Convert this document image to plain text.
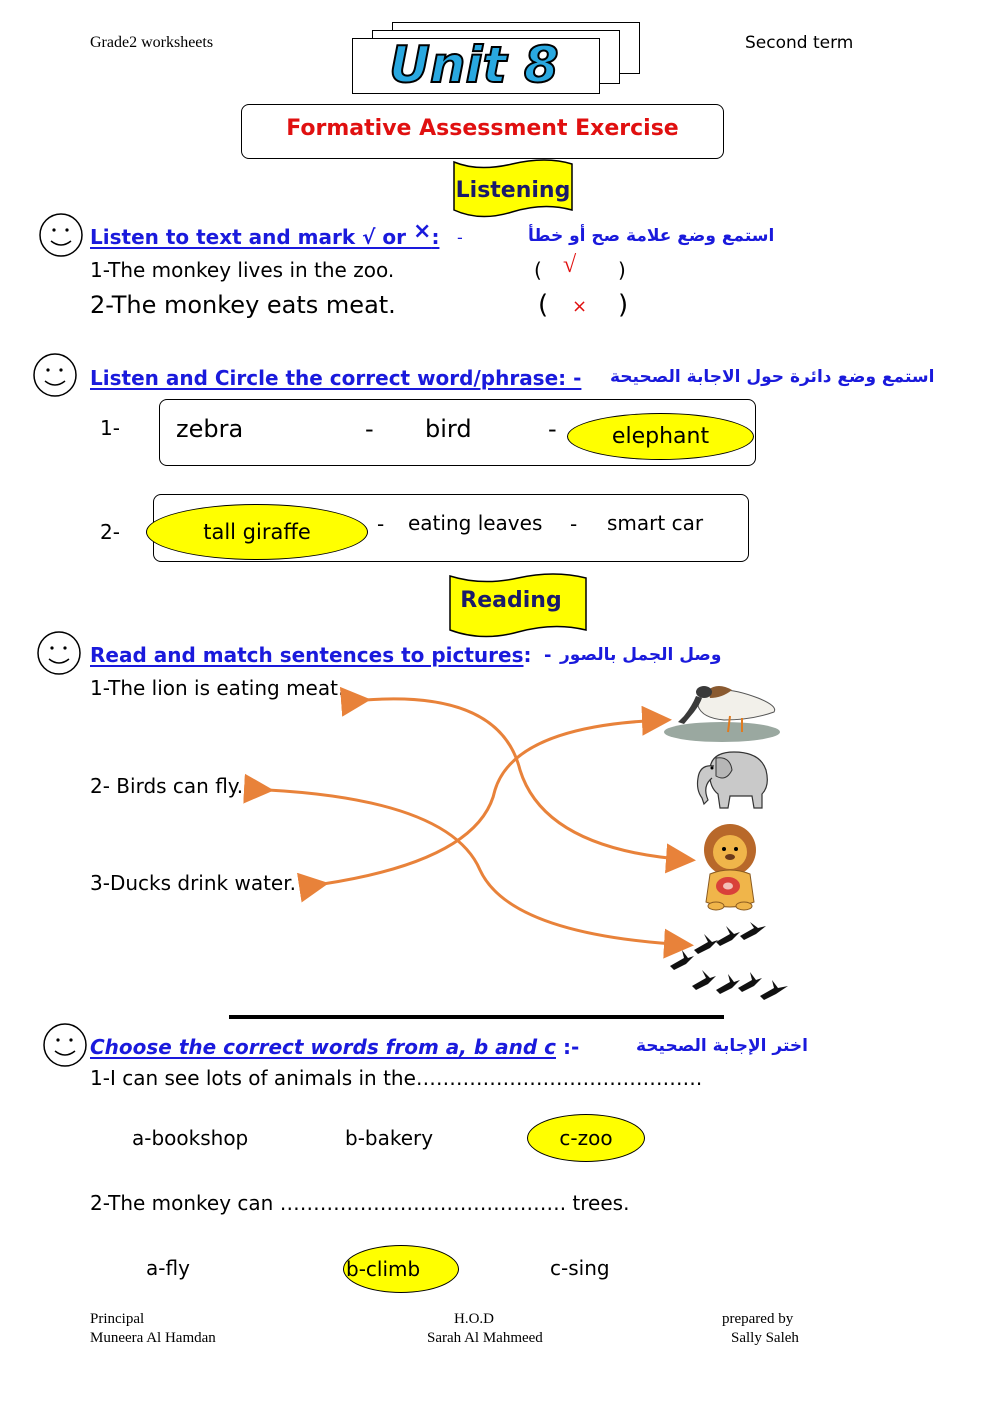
Grade2 worksheets	Second term
Unit 8
Formative Assessment Exercise
Listening
Listen to text and mark √ or ×: -	استمع وضع علامة صح أو خطأ
1-The monkey lives in the zoo.	( √ )
2-The monkey eats meat.	( × )
Listen and Circle the correct word/phrase: - استمع وضع دائرة حول الاجابة الصحيحة
1- zebra	- bird	-	elephant
2-	tall giraffe	- eating leaves - smart car
Reading
Read and match sentences to pictures: - وصل الجمل بالصور
1-The lion is eating meat.
2- Birds can fly.
3-Ducks drink water.
Choose the correct words from a, b and c :-	اختر الإجابة الصحيحة
1-I can see lots of animals in the…………………………………….
a-bookshop	b-bakery	c-zoo
2-The monkey can ……………………………………. trees.
a-fly	b-climb	c-sing
Principal
Muneera Al Hamdan
H.O.D
Sarah Al Mahmeed
prepared by
Sally Saleh
